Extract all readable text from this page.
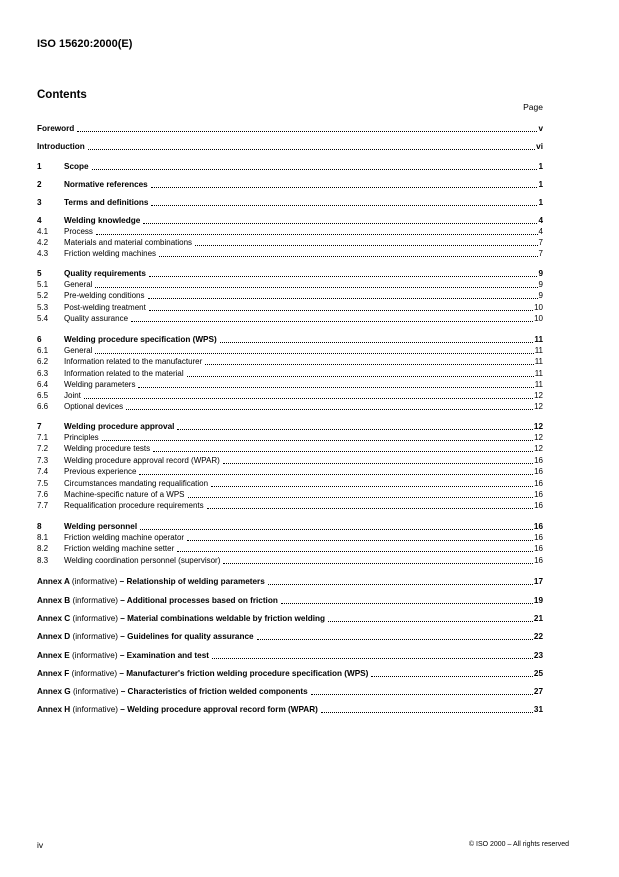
ISO 15620:2000(E)
Contents
Page
Foreword	v
Introduction	vi
1	Scope	1
2	Normative references	1
3	Terms and definitions	1
4	Welding knowledge	4
4.1	Process	4
4.2	Materials and material combinations	7
4.3	Friction welding machines	7
5	Quality requirements	9
5.1	General	9
5.2	Pre-welding conditions	9
5.3	Post-welding treatment	10
5.4	Quality assurance	10
6	Welding procedure specification (WPS)	11
6.1	General	11
6.2	Information related to the manufacturer	11
6.3	Information related to the material	11
6.4	Welding parameters	11
6.5	Joint	12
6.6	Optional devices	12
7	Welding procedure approval	12
7.1	Principles	12
7.2	Welding procedure tests	12
7.3	Welding procedure approval record (WPAR)	16
7.4	Previous experience	16
7.5	Circumstances mandating requalification	16
7.6	Machine-specific nature of a WPS	16
7.7	Requalification procedure requirements	16
8	Welding personnel	16
8.1	Friction welding machine operator	16
8.2	Friction welding machine setter	16
8.3	Welding coordination personnel (supervisor)	16
Annex A (informative) – Relationship of welding parameters	17
Annex B (informative) – Additional processes based on friction	19
Annex C (informative) – Material combinations weldable by friction welding	21
Annex D (informative) – Guidelines for quality assurance	22
Annex E (informative) – Examination and test	23
Annex F (informative) – Manufacturer's friction welding procedure specification (WPS)	25
Annex G (informative) – Characteristics of friction welded components	27
Annex H (informative) – Welding procedure approval record form (WPAR)	31
iv	© ISO 2000 – All rights reserved
